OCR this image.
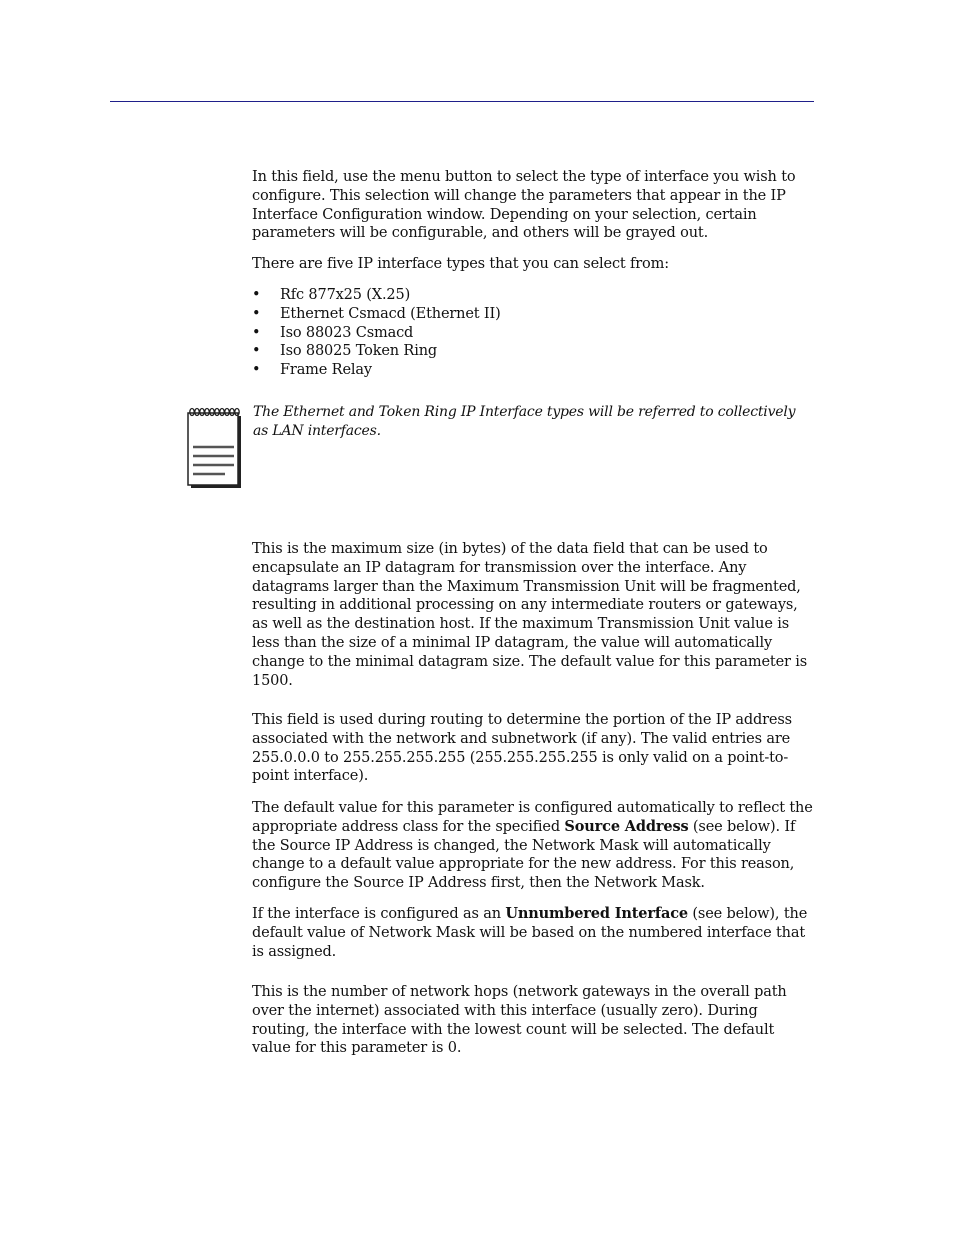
In this field, use the menu button to select the type of interface you wish to configure. This selection will change the parameters that appear in the IP Interface Configuration window. Depending on your selection, certain parameters will be configurable, and others will be grayed out.

There are five IP interface types that you can select from:

• Rfc 877x25 (X.25)
• Ethernet Csmacd (Ethernet II)
• Iso 88023 Csmacd
• Iso 88025 Token Ring
• Frame Relay
The Ethernet and Token Ring IP Interface types will be referred to collectively as LAN interfaces.

This is the maximum size (in bytes) of the data field that can be used to encapsulate an IP datagram for transmission over the interface. Any datagrams larger than the Maximum Transmission Unit will be fragmented, resulting in additional processing on any intermediate routers or gateways, as well as the destination host. If the maximum Transmission Unit value is less than the size of a minimal IP datagram, the value will automatically change to the minimal datagram size. The default value for this parameter is 1500.

This field is used during routing to determine the portion of the IP address associated with the network and subnetwork (if any). The valid entries are 255.0.0.0 to 255.255.255.255 (255.255.255.255 is only valid on a point-to-point interface).

The default value for this parameter is configured automatically to reflect the appropriate address class for the specified Source Address (see below). If the Source IP Address is changed, the Network Mask will automatically change to a default value appropriate for the new address. For this reason, configure the Source IP Address first, then the Network Mask.

If the interface is configured as an Unnumbered Interface (see below), the default value of Network Mask will be based on the numbered interface that is assigned.

This is the number of network hops (network gateways in the overall path over the internet) associated with this interface (usually zero). During routing, the interface with the lowest count will be selected. The default value for this parameter is 0.
